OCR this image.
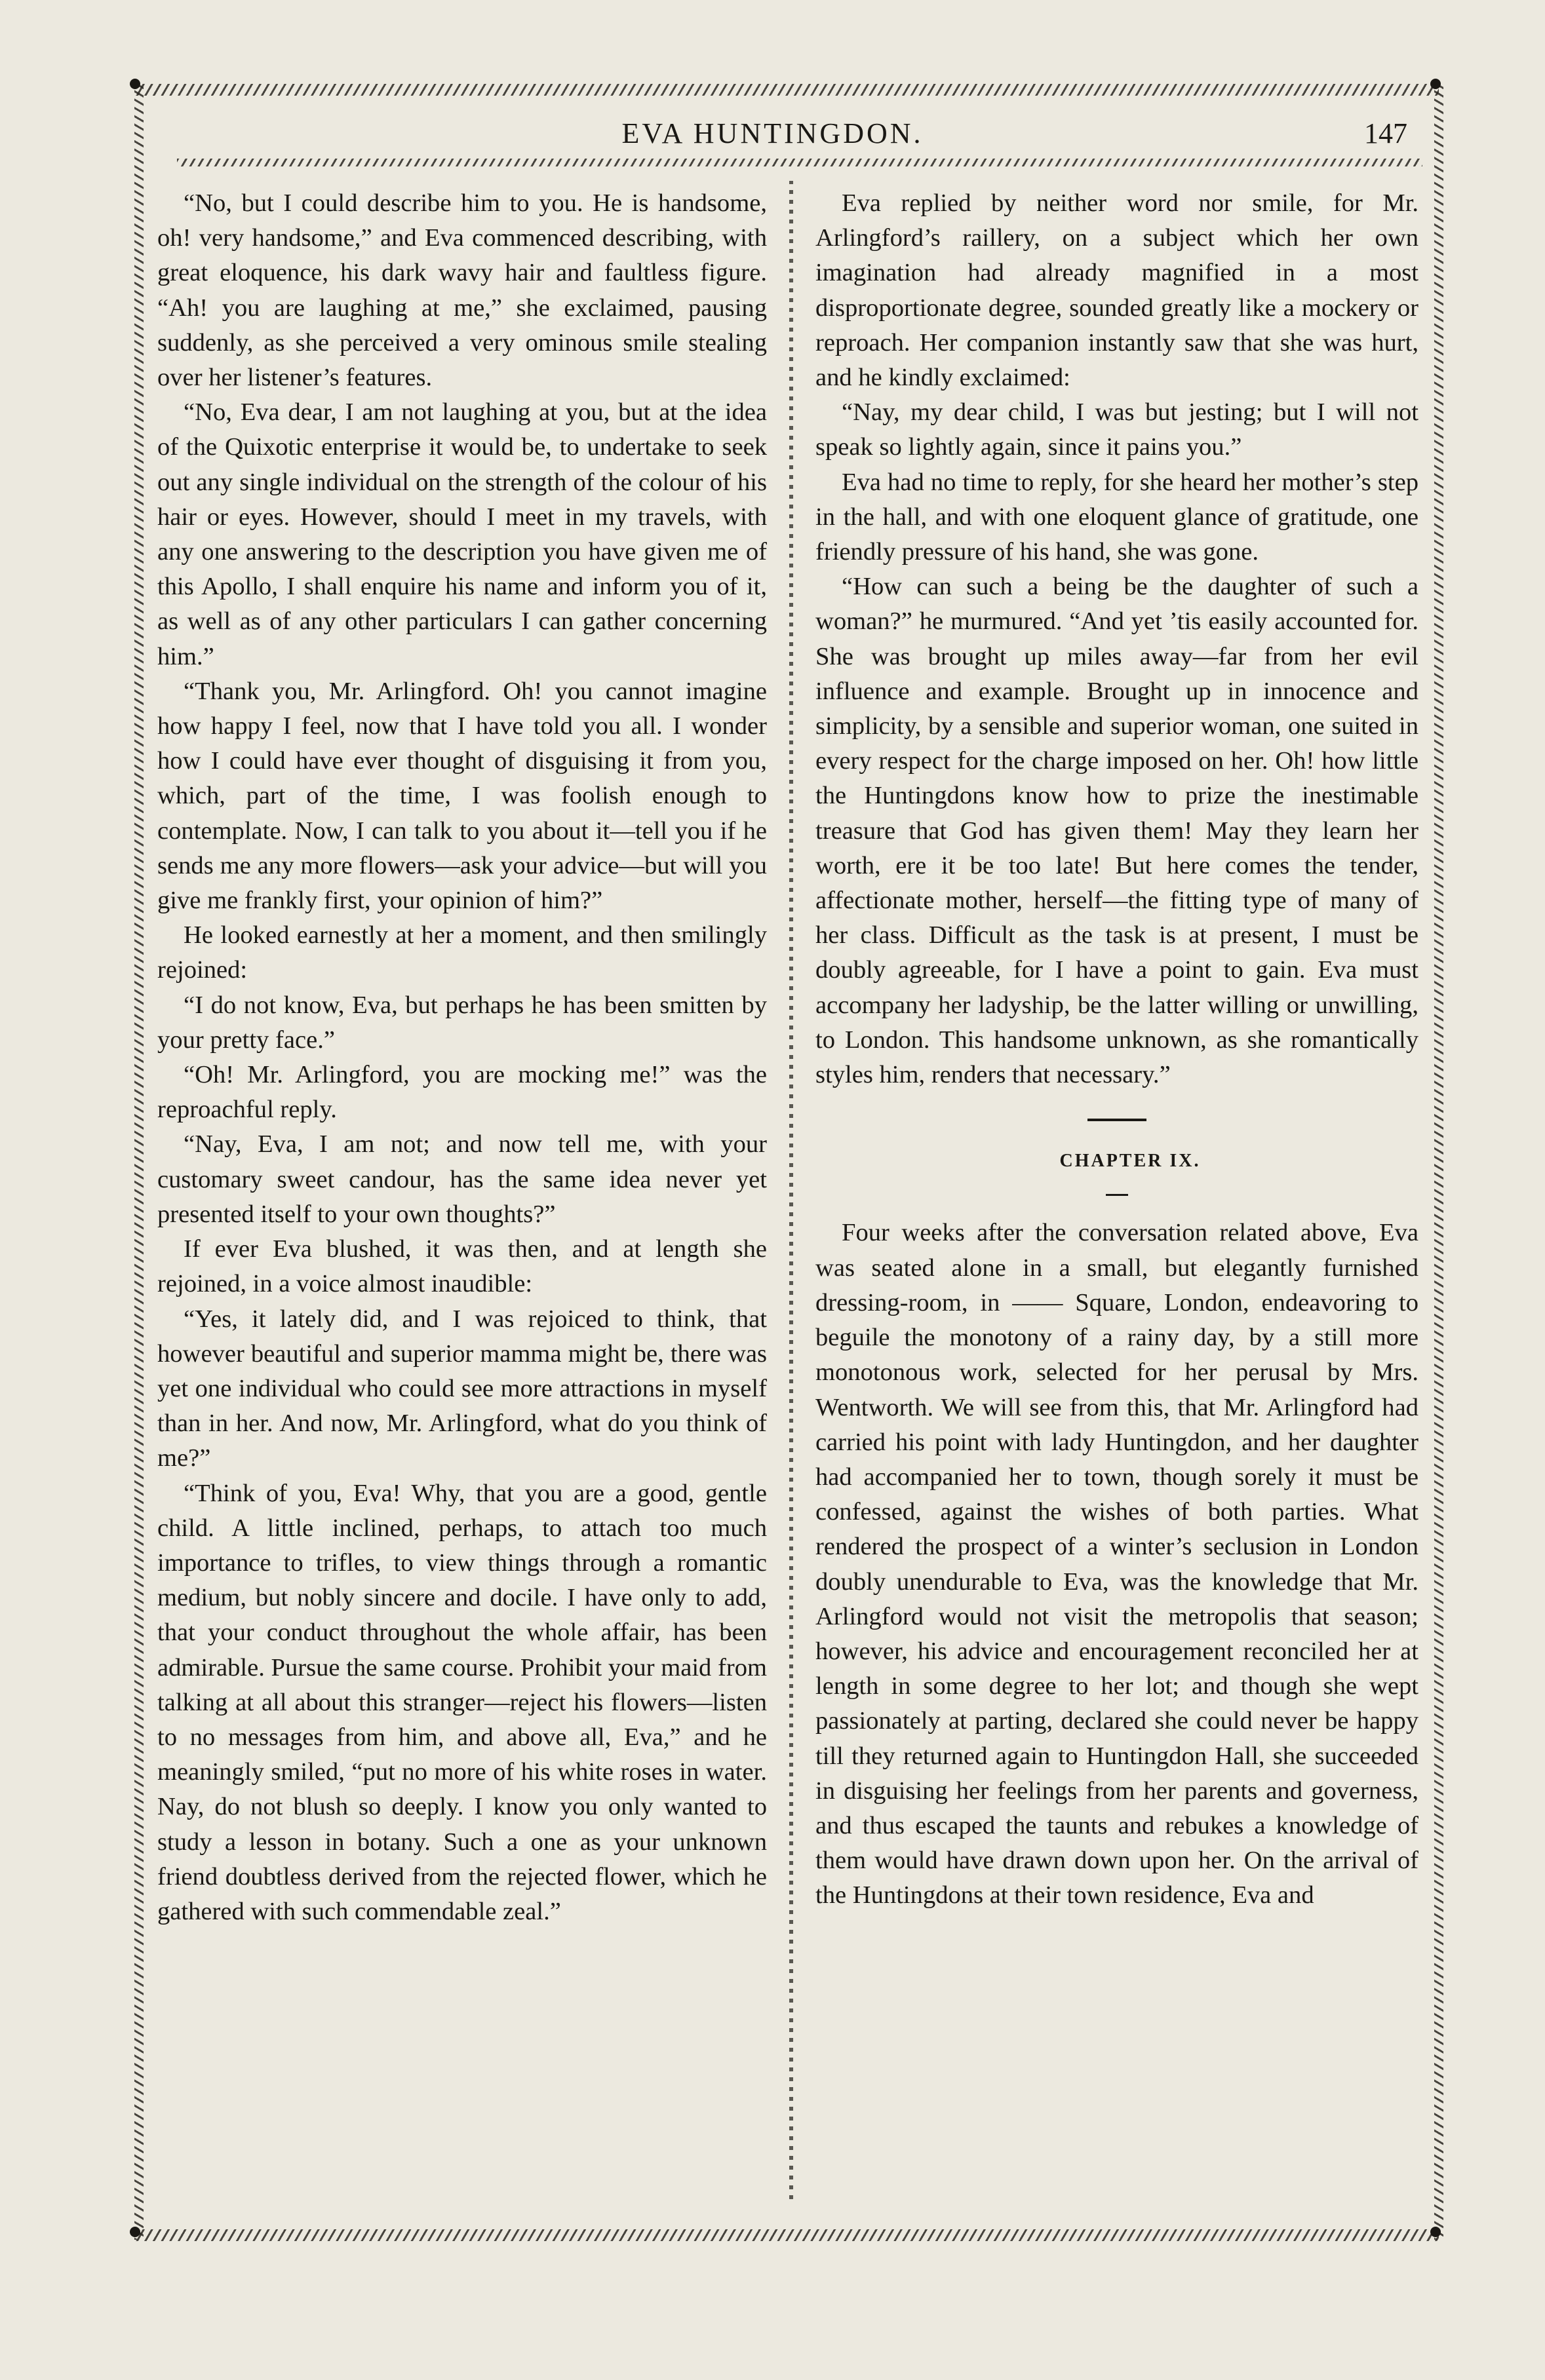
EVA HUNTINGDON.	147

“No, but I could describe him to you. He is handsome, oh! very handsome,” and Eva commenced describing, with great eloquence, his dark wavy hair and faultless figure. “Ah! you are laughing at me,” she exclaimed, pausing suddenly, as she perceived a very ominous smile stealing over her listener’s features.

“No, Eva dear, I am not laughing at you, but at the idea of the Quixotic enterprise it would be, to undertake to seek out any single individual on the strength of the colour of his hair or eyes. However, should I meet in my travels, with any one answering to the description you have given me of this Apollo, I shall enquire his name and inform you of it, as well as of any other particulars I can gather concerning him.”

“Thank you, Mr. Arlingford. Oh! you cannot imagine how happy I feel, now that I have told you all. I wonder how I could have ever thought of disguising it from you, which, part of the time, I was foolish enough to contemplate. Now, I can talk to you about it—tell you if he sends me any more flowers—ask your advice—but will you give me frankly first, your opinion of him?”

He looked earnestly at her a moment, and then smilingly rejoined:

“I do not know, Eva, but perhaps he has been smitten by your pretty face.”

“Oh! Mr. Arlingford, you are mocking me!” was the reproachful reply.

“Nay, Eva, I am not; and now tell me, with your customary sweet candour, has the same idea never yet presented itself to your own thoughts?”

If ever Eva blushed, it was then, and at length she rejoined, in a voice almost inaudible:

“Yes, it lately did, and I was rejoiced to think, that however beautiful and superior mamma might be, there was yet one individual who could see more attractions in myself than in her. And now, Mr. Arlingford, what do you think of me?”

“Think of you, Eva! Why, that you are a good, gentle child. A little inclined, perhaps, to attach too much importance to trifles, to view things through a romantic medium, but nobly sincere and docile. I have only to add, that your conduct throughout the whole affair, has been admirable. Pursue the same course. Prohibit your maid from talking at all about this stranger—reject his flowers—listen to no messages from him, and above all, Eva,” and he meaningly smiled, “put no more of his white roses in water. Nay, do not blush so deeply. I know you only wanted to study a lesson in botany. Such a one as your unknown friend doubtless derived from the rejected flower, which he gathered with such commendable zeal.”

Eva replied by neither word nor smile, for Mr. Arlingford’s raillery, on a subject which her own imagination had already magnified in a most disproportionate degree, sounded greatly like a mockery or reproach. Her companion instantly saw that she was hurt, and he kindly exclaimed:

“Nay, my dear child, I was but jesting; but I will not speak so lightly again, since it pains you.”

Eva had no time to reply, for she heard her mother’s step in the hall, and with one eloquent glance of gratitude, one friendly pressure of his hand, she was gone.

“How can such a being be the daughter of such a woman?” he murmured. “And yet ’tis easily accounted for. She was brought up miles away—far from her evil influence and example. Brought up in innocence and simplicity, by a sensible and superior woman, one suited in every respect for the charge imposed on her. Oh! how little the Huntingdons know how to prize the inestimable treasure that God has given them! May they learn her worth, ere it be too late! But here comes the tender, affectionate mother, herself—the fitting type of many of her class. Difficult as the task is at present, I must be doubly agreeable, for I have a point to gain. Eva must accompany her ladyship, be the latter willing or unwilling, to London. This handsome unknown, as she romantically styles him, renders that necessary.”

CHAPTER IX.

Four weeks after the conversation related above, Eva was seated alone in a small, but elegantly furnished dressing-room, in —— Square, London, endeavoring to beguile the monotony of a rainy day, by a still more monotonous work, selected for her perusal by Mrs. Wentworth. We will see from this, that Mr. Arlingford had carried his point with lady Huntingdon, and her daughter had accompanied her to town, though sorely it must be confessed, against the wishes of both parties. What rendered the prospect of a winter’s seclusion in London doubly unendurable to Eva, was the knowledge that Mr. Arlingford would not visit the metropolis that season; however, his advice and encouragement reconciled her at length in some degree to her lot; and though she wept passionately at parting, declared she could never be happy till they returned again to Huntingdon Hall, she succeeded in disguising her feelings from her parents and governess, and thus escaped the taunts and rebukes a knowledge of them would have drawn down upon her. On the arrival of the Huntingdons at their town residence, Eva and
